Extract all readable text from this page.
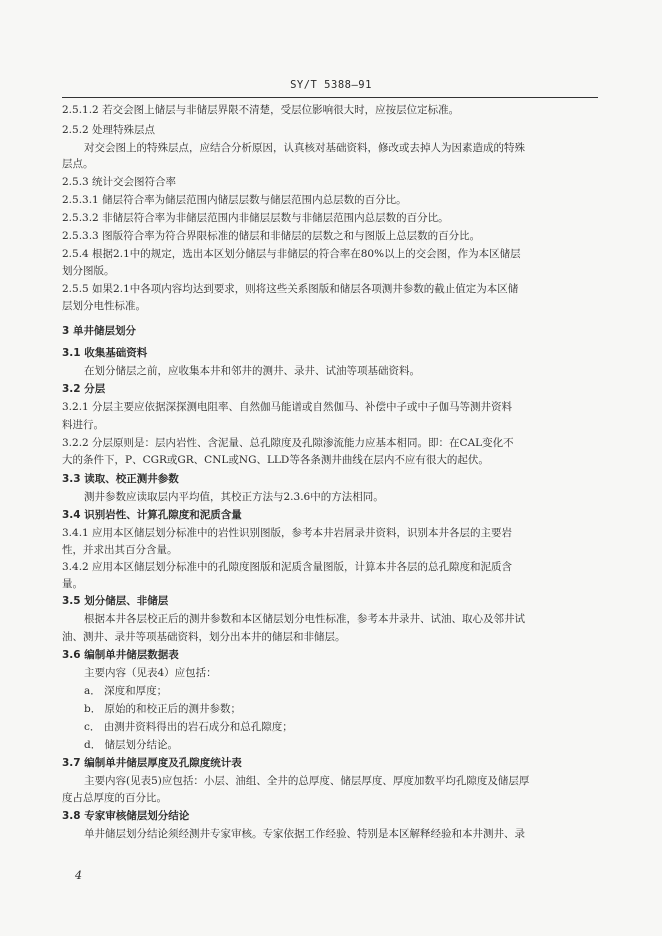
SY/T 5388—91
2.5.1.2 若交会图上储层与非储层界限不清楚，受层位影响很大时，应按层位定标准。
2.5.2 处理特殊层点
对交会图上的特殊层点，应结合分析原因，认真核对基础资料，修改或去掉人为因素造成的特殊
层点。
2.5.3 统计交会图符合率
2.5.3.1 储层符合率为储层范围内储层层数与储层范围内总层数的百分比。
2.5.3.2 非储层符合率为非储层范围内非储层层数与非储层范围内总层数的百分比。
2.5.3.3 图版符合率为符合界限标准的储层和非储层的层数之和与图版上总层数的百分比。
2.5.4 根据2.1中的规定，选出本区划分储层与非储层的符合率在80%以上的交会图，作为本区储层
划分图版。
2.5.5 如果2.1中各项内容均达到要求，则将这些关系图版和储层各项测井参数的截止值定为本区储
层划分电性标准。
3 单井储层划分
3.1 收集基础资料
在划分储层之前，应收集本井和邻井的测井、录井、试油等项基础资料。
3.2 分层
3.2.1 分层主要应依据深探测电阻率、自然伽马能谱或自然伽马、补偿中子或中子伽马等测井资料
料进行。
3.2.2 分层原则是：层内岩性、含泥量、总孔隙度及孔隙渗流能力应基本相同。即：在CAL变化不
大的条件下，P、CGR或GR、CNL或NG、LLD等各条测井曲线在层内不应有很大的起伏。
3.3 读取、校正测井参数
测井参数应读取层内平均值，其校正方法与2.3.6中的方法相同。
3.4 识别岩性、计算孔隙度和泥质含量
3.4.1 应用本区储层划分标准中的岩性识别图版，参考本井岩屑录井资料，识别本井各层的主要岩
性，并求出其百分含量。
3.4.2 应用本区储层划分标准中的孔隙度图版和泥质含量图版，计算本井各层的总孔隙度和泥质含
量。
3.5 划分储层、非储层
根据本井各层校正后的测井参数和本区储层划分电性标准，参考本井录井、试油、取心及邻井试
油、测井、录井等项基础资料，划分出本井的储层和非储层。
3.6 编制单井储层数据表
主要内容（见表4）应包括：
a． 深度和厚度；
b． 原始的和校正后的测井参数；
c． 由测井资料得出的岩石成分和总孔隙度；
d． 储层划分结论。
3.7 编制单井储层厚度及孔隙度统计表
主要内容(见表5)应包括：小层、油组、全井的总厚度、储层厚度、厚度加数平均孔隙度及储层厚
度占总厚度的百分比。
3.8 专家审核储层划分结论
单井储层划分结论须经测井专家审核。专家依据工作经验、特别是本区解释经验和本井测井、录
4
